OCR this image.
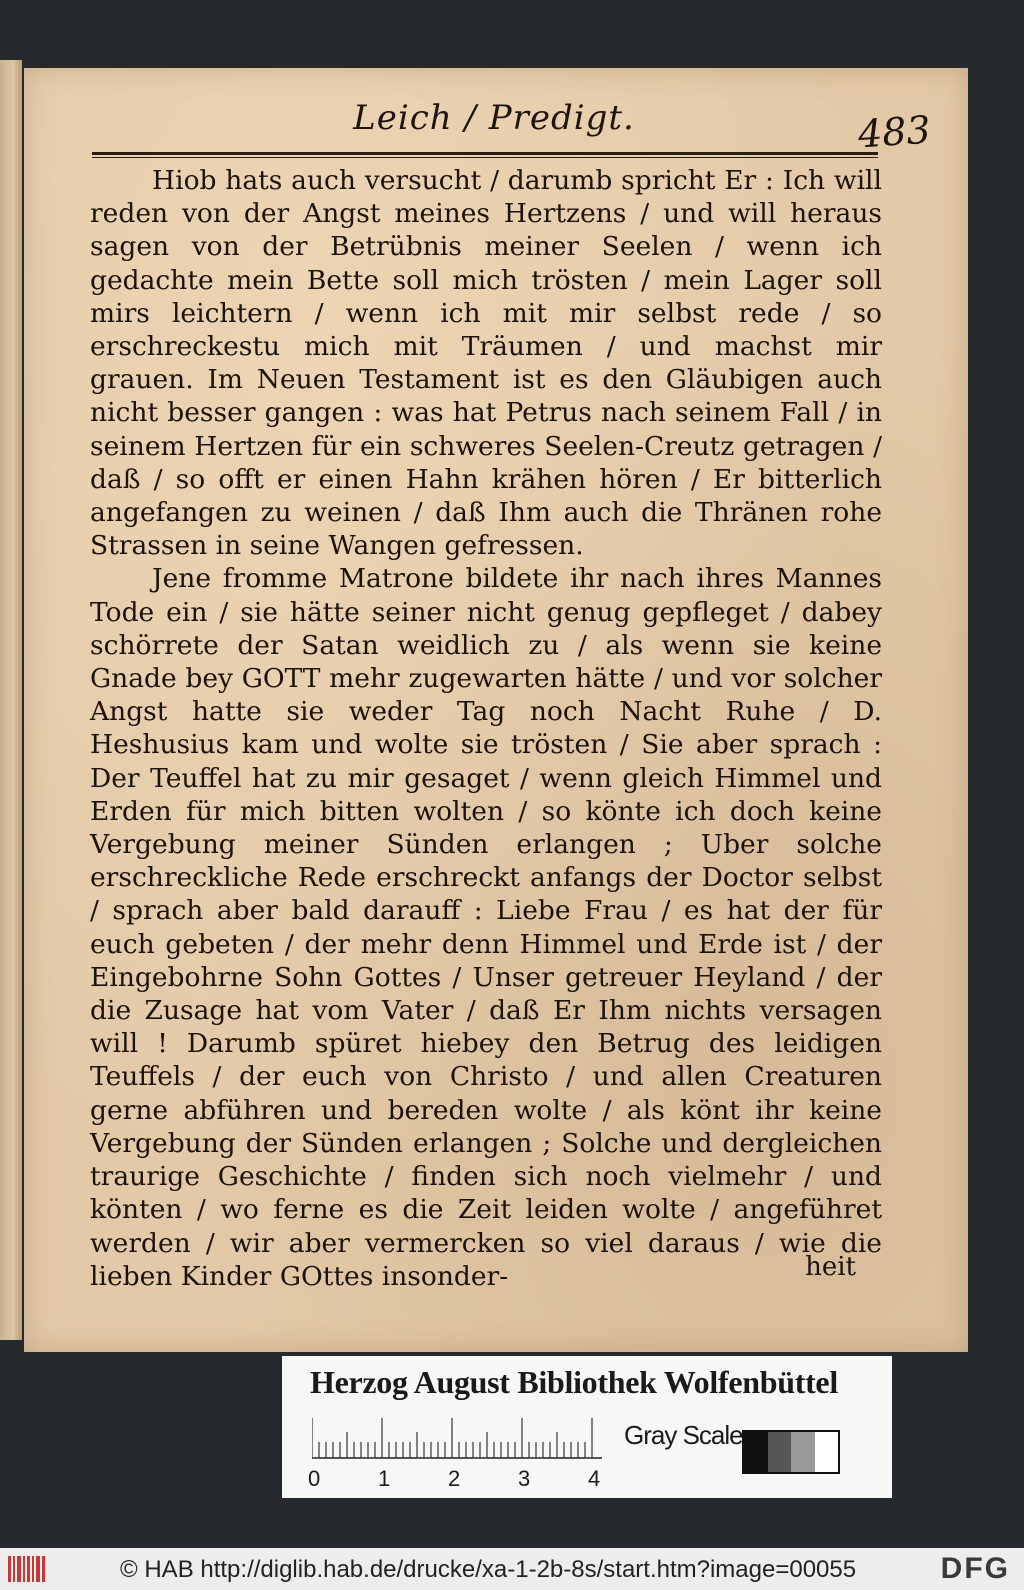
Leich / Predigt.	483

Hiob hats auch versucht / darumb spricht Er : Ich will reden von der Angst meines Hertzens / und will heraus sagen von der Betrübnis meiner Seelen / wenn ich gedachte mein Bette soll mich trösten / mein Lager soll mirs leichtern / wenn ich mit mir selbst rede / so erschreckestu mich mit Träumen / und machst mir grauen. Im Neuen Testament ist es den Gläubigen auch nicht besser gangen : was hat Petrus nach seinem Fall / in seinem Hertzen für ein schweres Seelen-Creutz getragen / daß / so offt er einen Hahn krähen hören / Er bitterlich angefangen zu weinen / daß Ihm auch die Thränen rohe Strassen in seine Wangen gefressen.

Jene fromme Matrone bildete ihr nach ihres Mannes Tode ein / sie hätte seiner nicht genug gepfleget / dabey schörrete der Satan weidlich zu / als wenn sie keine Gnade bey GOTT mehr zugewarten hätte / und vor solcher Angst hatte sie weder Tag noch Nacht Ruhe / D. Heshusius kam und wolte sie trösten / Sie aber sprach : Der Teuffel hat zu mir gesaget / wenn gleich Himmel und Erden für mich bitten wolten / so könte ich doch keine Vergebung meiner Sünden erlangen ; Uber solche erschreckliche Rede erschreckt anfangs der Doctor selbst / sprach aber bald darauff : Liebe Frau / es hat der für euch gebeten / der mehr denn Himmel und Erde ist / der Eingebohrne Sohn Gottes / Unser getreuer Heyland / der die Zusage hat vom Vater / daß Er Ihm nichts versagen will ! Darumb spüret hiebey den Betrug des leidigen Teuffels / der euch von Christo / und allen Creaturen gerne abführen und bereden wolte / als könt ihr keine Vergebung der Sünden erlangen ; Solche und dergleichen traurige Geschichte / finden sich noch vielmehr / und könten / wo ferne es die Zeit leiden wolte / angeführet werden / wir aber vermercken so viel daraus / wie die lieben Kinder GOttes insonder-	heit
Herzog August Bibliothek Wolfenbüttel
0	1	2	3	4
Gray Scale
© HAB http://diglib.hab.de/drucke/xa-1-2b-8s/start.htm?image=00055	DFG
